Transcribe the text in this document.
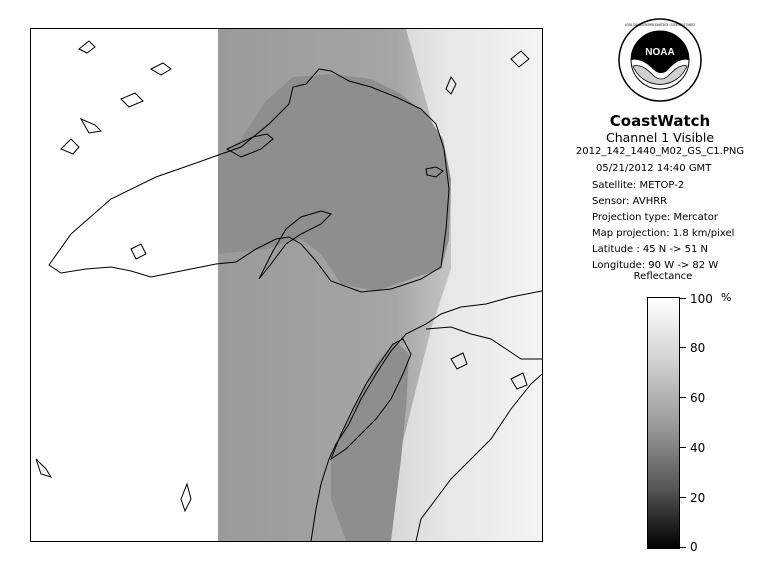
NOAA
NATIONAL OCEANIC AND ATMOSPHERIC ADMINISTRATION · U.S. DEPARTMENT OF COMMERCE
CoastWatch
Channel 1 Visible
2012_142_1440_M02_GS_C1.PNG
05/21/2012 14:40 GMT
Satellite: METOP-2
Sensor: AVHRR
Projection type: Mercator
Map projection: 1.8 km/pixel
Latitude : 45 N -> 51 N
Longitude: 90 W -> 82 W
Reflectance
%
100
80
60
40
20
0
